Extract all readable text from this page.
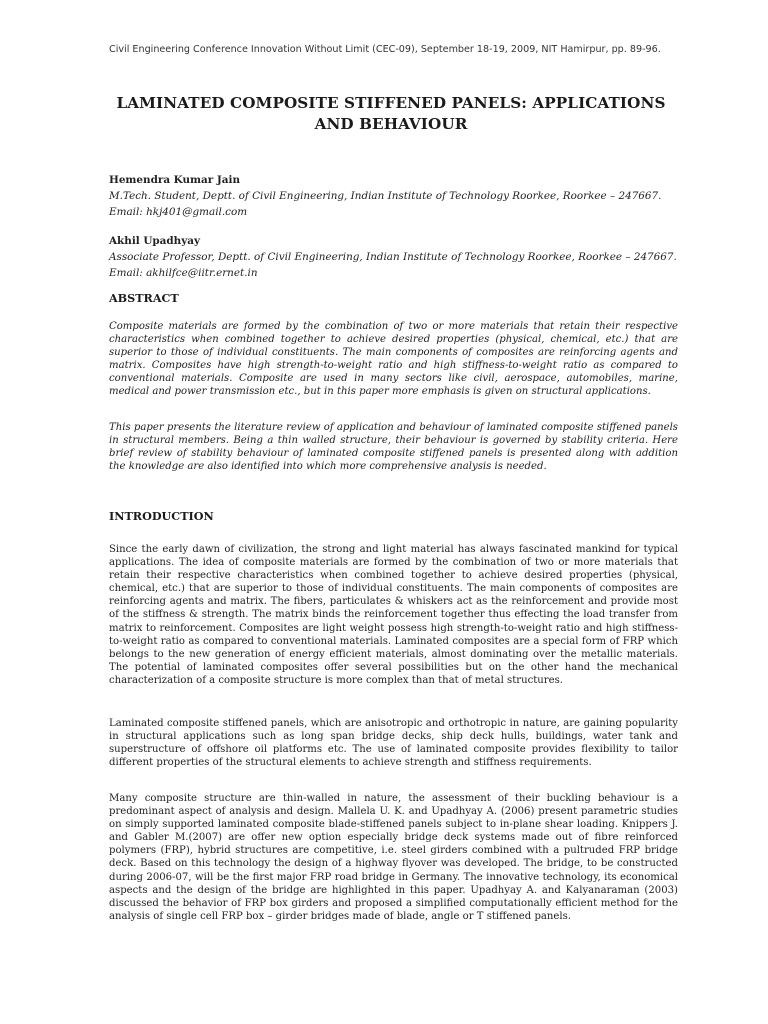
Civil Engineering Conference Innovation Without Limit (CEC-09), September 18-19, 2009, NIT Hamirpur, pp. 89-96.
LAMINATED COMPOSITE STIFFENED PANELS: APPLICATIONS
AND BEHAVIOUR
Hemendra Kumar Jain
M.Tech. Student, Deptt. of Civil Engineering, Indian Institute of Technology Roorkee, Roorkee – 247667.
Email: hkj401@gmail.com
Akhil Upadhyay
Associate Professor, Deptt. of Civil Engineering, Indian Institute of Technology Roorkee, Roorkee – 247667.
Email: akhilfce@iitr.ernet.in
ABSTRACT

Composite materials are formed by the combination of two or more materials that retain their respective characteristics when combined together to achieve desired properties (physical, chemical, etc.) that are superior to those of individual constituents. The main components of composites are reinforcing agents and matrix. Composites have high strength-to-weight ratio and high stiffness-to-weight ratio as compared to conventional materials. Composite are used in many sectors like civil, aerospace, automobiles, marine, medical and power transmission etc., but in this paper more emphasis is given on structural applications.

This paper presents the literature review of application and behaviour of laminated composite stiffened panels in structural members. Being a thin walled structure, their behaviour is governed by stability criteria. Here brief review of stability behaviour of laminated composite stiffened panels is presented along with addition the knowledge are also identified into which more comprehensive analysis is needed.

INTRODUCTION

Since the early dawn of civilization, the strong and light material has always fascinated mankind for typical applications. The idea of composite materials are formed by the combination of two or more materials that retain their respective characteristics when combined together to achieve desired properties (physical, chemical, etc.) that are superior to those of individual constituents. The main components of composites are reinforcing agents and matrix. The fibers, particulates & whiskers act as the reinforcement and provide most of the stiffness & strength. The matrix binds the reinforcement together thus effecting the load transfer from matrix to reinforcement. Composites are light weight possess high strength-to-weight ratio and high stiffness-to-weight ratio as compared to conventional materials. Laminated composites are a special form of FRP which belongs to the new generation of energy efficient materials, almost dominating over the metallic materials. The potential of laminated composites offer several possibilities but on the other hand the mechanical characterization of a composite structure is more complex than that of metal structures.

Laminated composite stiffened panels, which are anisotropic and orthotropic in nature, are gaining popularity in structural applications such as long span bridge decks, ship deck hulls, buildings, water tank and superstructure of offshore oil platforms etc. The use of laminated composite provides flexibility to tailor different properties of the structural elements to achieve strength and stiffness requirements.

Many composite structure are thin-walled in nature, the assessment of their buckling behaviour is a predominant aspect of analysis and design. Mallela U. K. and Upadhyay A. (2006) present parametric studies on simply supported laminated composite blade-stiffened panels subject to in-plane shear loading. Knippers J. and Gabler M.(2007) are offer new option especially bridge deck systems made out of fibre reinforced polymers (FRP), hybrid structures are competitive, i.e. steel girders combined with a pultruded FRP bridge deck. Based on this technology the design of a highway flyover was developed. The bridge, to be constructed during 2006-07, will be the first major FRP road bridge in Germany. The innovative technology, its economical aspects and the design of the bridge are highlighted in this paper. Upadhyay A. and Kalyanaraman (2003) discussed the behavior of FRP box girders and proposed a simplified computationally efficient method for the analysis of single cell FRP box – girder bridges made of blade, angle or T stiffened panels.
